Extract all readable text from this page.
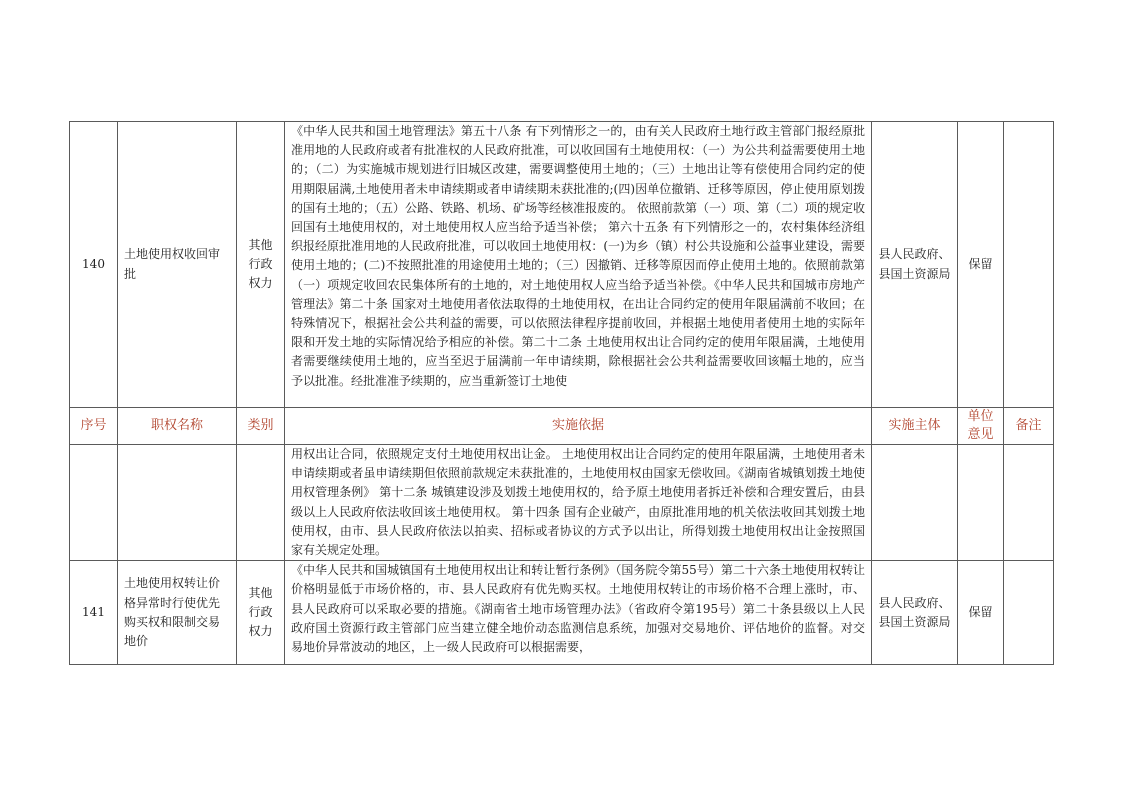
140	土地使用权收回审批	其他行政权力	《中华人民共和国土地管理法》第五十八条 有下列情形之一的，由有关人民政府土地行政主管部门报经原批准用地的人民政府或者有批准权的人民政府批准，可以收回国有土地使用权：（一）为公共利益需要使用土地的；（二）为实施城市规划进行旧城区改建，需要调整使用土地的；（三）土地出让等有偿使用合同约定的使用期限届满,土地使用者未申请续期或者申请续期未获批准的;(四)因单位撤销、迁移等原因，停止使用原划拨的国有土地的；（五）公路、铁路、机场、矿场等经核准报废的。 依照前款第（一）项、第（二）项的规定收回国有土地使用权的，对土地使用权人应当给予适当补偿； 第六十五条 有下列情形之一的，农村集体经济组织报经原批准用地的人民政府批准，可以收回土地使用权：(一)为乡（镇）村公共设施和公益事业建设，需要使用土地的；(二)不按照批准的用途使用土地的；（三）因撤销、迁移等原因而停止使用土地的。依照前款第（一）项规定收回农民集体所有的土地的，对土地使用权人应当给予适当补偿。《中华人民共和国城市房地产管理法》第二十条 国家对土地使用者依法取得的土地使用权，在出让合同约定的使用年限届满前不收回；在特殊情况下，根据社会公共利益的需要，可以依照法律程序提前收回，并根据土地使用者使用土地的实际年限和开发土地的实际情况给予相应的补偿。第二十二条 土地使用权出让合同约定的使用年限届满，土地使用者需要继续使用土地的，应当至迟于届满前一年申请续期，除根据社会公共利益需要收回该幅土地的，应当予以批准。经批准准予续期的，应当重新签订土地使	县人民政府、县国土资源局	保留	
序号	职权名称	类别	实施依据	实施主体	单位意见	备注

			用权出让合同，依照规定支付土地使用权出让金。 土地使用权出让合同约定的使用年限届满，土地使用者未申请续期或者虽申请续期但依照前款规定未获批准的，土地使用权由国家无偿收回。《湖南省城镇划拨土地使用权管理条例》 第十二条 城镇建设涉及划拨土地使用权的，给予原土地使用者拆迁补偿和合理安置后，由县级以上人民政府依法收回该土地使用权。 第十四条 国有企业破产，由原批准用地的机关依法收回其划拨土地使用权，由市、县人民政府依法以拍卖、招标或者协议的方式予以出让，所得划拨土地使用权出让金按照国家有关规定处理。			

141	土地使用权转让价格异常时行使优先购买权和限制交易地价	其他行政权力	《中华人民共和国城镇国有土地使用权出让和转让暂行条例》（国务院令第55号）第二十六条土地使用权转让价格明显低于市场价格的，市、县人民政府有优先购买权。土地使用权转让的市场价格不合理上涨时，市、县人民政府可以采取必要的措施。《湖南省土地市场管理办法》（省政府令第195号）第二十条县级以上人民政府国土资源行政主管部门应当建立健全地价动态监测信息系统，加强对交易地价、评估地价的监督。对交易地价异常波动的地区，上一级人民政府可以根据需要，	县人民政府、县国土资源局	保留	
